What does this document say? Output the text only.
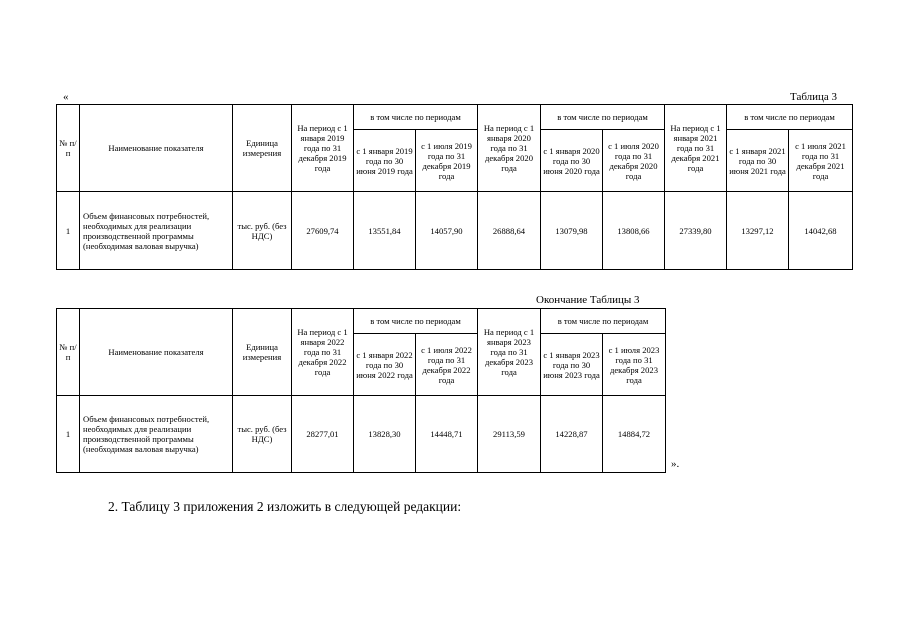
«	Таблица 3
№ п/п	Наименование показателя	Единица измерения	На период с 1 января 2019 года по 31 декабря 2019 года	в том числе по периодам		На период с 1 января 2020 года по 31 декабря 2020 года	в том числе по периодам		На период с 1 января 2021 года по 31 декабря 2021 года	в том числе по периодам	
				с 1 января 2019 года по 30 июня 2019 года	с 1 июля 2019 года по 31 декабря 2019 года		с 1 января 2020 года по 30 июня 2020 года	с 1 июля 2020 года по 31 декабря 2020 года		с 1 января 2021 года по 30 июня 2021 года	с 1 июля 2021 года по 31 декабря 2021 года
1	Объем финансовых потребностей, необходимых для реализации производственной программы (необходимая валовая выручка)	тыс. руб. (без НДС)	27609,74	13551,84	14057,90	26888,64	13079,98	13808,66	27339,80	13297,12	14042,68
Окончание Таблицы 3
№ п/п	Наименование показателя	Единица измерения	На период с 1 января 2022 года по 31 декабря 2022 года	в том числе по периодам		На период с 1 января 2023 года по 31 декабря 2023 года	в том числе по периодам	
				с 1 января 2022 года по 30 июня 2022 года	с 1 июля 2022 года по 31 декабря 2022 года		с 1 января 2023 года по 30 июня 2023 года	с 1 июля 2023 года по 31 декабря 2023 года
1	Объем финансовых потребностей, необходимых для реализации производственной программы (необходимая валовая выручка)	тыс. руб. (без НДС)	28277,01	13828,30	14448,71	29113,59	14228,87	14884,72
».
2. Таблицу 3 приложения 2 изложить в следующей редакции:
